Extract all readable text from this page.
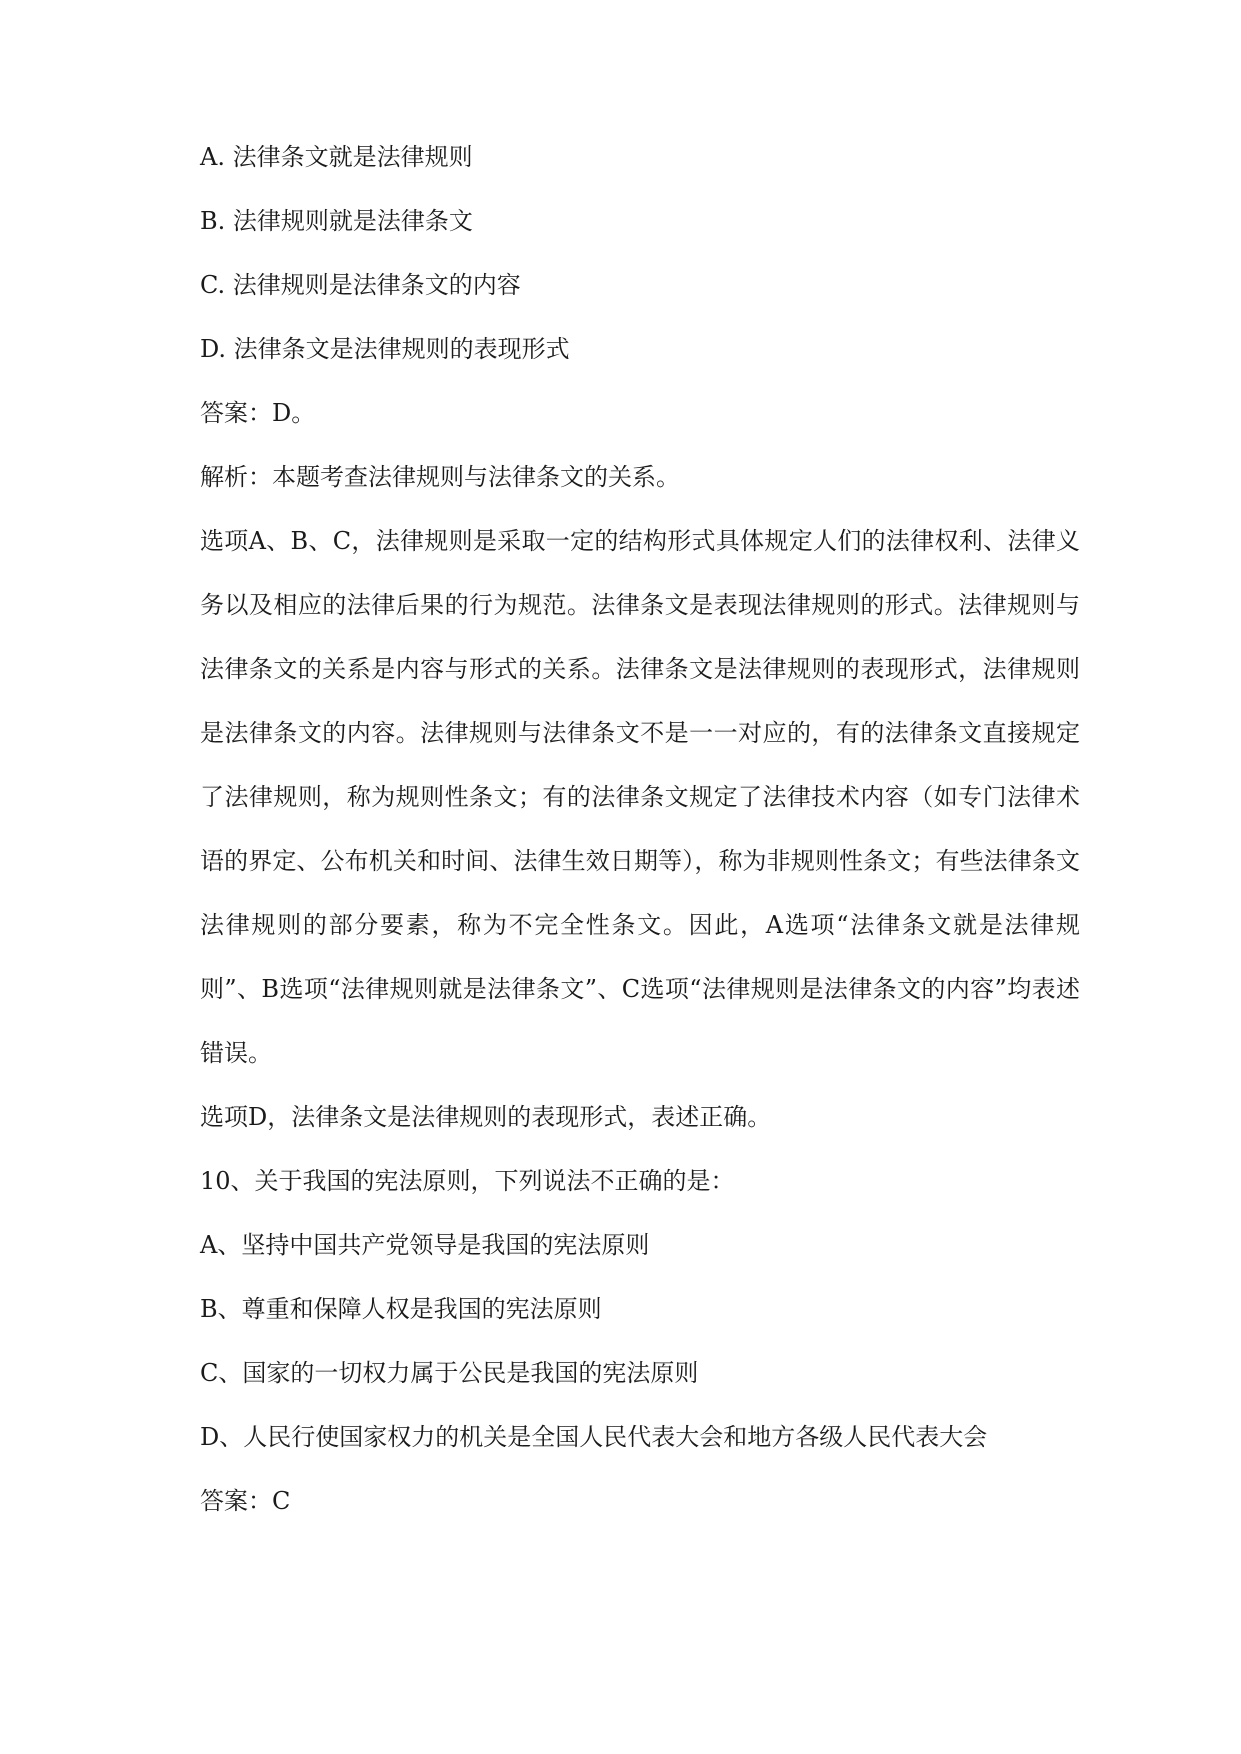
A. 法律条文就是法律规则

B. 法律规则就是法律条文

C. 法律规则是法律条文的内容

D. 法律条文是法律规则的表现形式

答案：D。

解析：本题考查法律规则与法律条文的关系。

选项A、B、C，法律规则是采取一定的结构形式具体规定人们的法律权利、法律义务以及相应的法律后果的行为规范。法律条文是表现法律规则的形式。法律规则与法律条文的关系是内容与形式的关系。法律条文是法律规则的表现形式，法律规则是法律条文的内容。法律规则与法律条文不是一一对应的，有的法律条文直接规定了法律规则，称为规则性条文；有的法律条文规定了法律技术内容（如专门法律术语的界定、公布机关和时间、法律生效日期等），称为非规则性条文；有些法律条文法律规则的部分要素，称为不完全性条文。因此，A选项“法律条文就是法律规则”、B选项“法律规则就是法律条文”、C选项“法律规则是法律条文的内容”均表述错误。

选项D，法律条文是法律规则的表现形式，表述正确。

10、关于我国的宪法原则，下列说法不正确的是：

A、坚持中国共产党领导是我国的宪法原则

B、尊重和保障人权是我国的宪法原则

C、国家的一切权力属于公民是我国的宪法原则

D、人民行使国家权力的机关是全国人民代表大会和地方各级人民代表大会

答案：C
